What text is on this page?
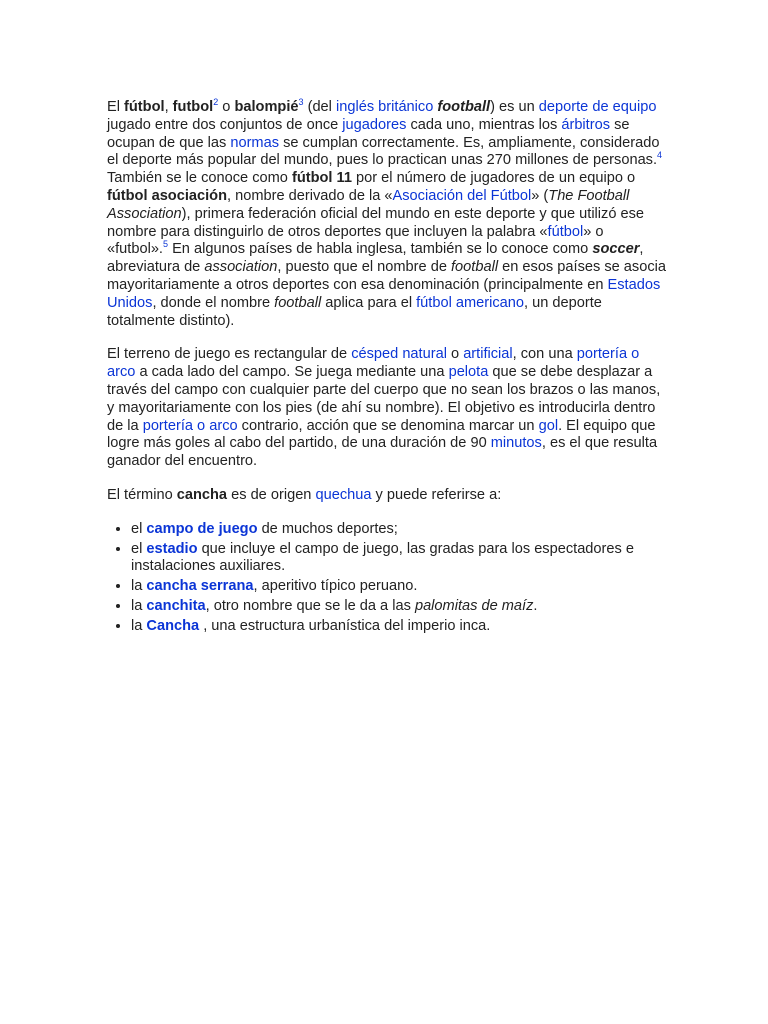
El fútbol, futbol$^2$ o balompié$^3$ (del inglés británico football) es un deporte de equipo jugado entre dos conjuntos de once jugadores cada uno, mientras los árbitros se ocupan de que las normas se cumplan correctamente. Es, ampliamente, considerado el deporte más popular del mundo, pues lo practican unas 270 millones de personas.$^4$ También se le conoce como fútbol 11 por el número de jugadores de un equipo o fútbol asociación, nombre derivado de la «Asociación del Fútbol» (The Football Association), primera federación oficial del mundo en este deporte y que utilizó ese nombre para distinguirlo de otros deportes que incluyen la palabra «fútbol» o «futbol».$^5$ En algunos países de habla inglesa, también se lo conoce como soccer, abreviatura de association, puesto que el nombre de football en esos países se asocia mayoritariamente a otros deportes con esa denominación (principalmente en Estados Unidos, donde el nombre football aplica para el fútbol americano, un deporte totalmente distinto).

El terreno de juego es rectangular de césped natural o artificial, con una portería o arco a cada lado del campo. Se juega mediante una pelota que se debe desplazar a través del campo con cualquier parte del cuerpo que no sean los brazos o las manos, y mayoritariamente con los pies (de ahí su nombre). El objetivo es introducirla dentro de la portería o arco contrario, acción que se denomina marcar un gol. El equipo que logre más goles al cabo del partido, de una duración de 90 minutos, es el que resulta ganador del encuentro.

El término cancha es de origen quechua y puede referirse a:

• el campo de juego de muchos deportes;
• el estadio que incluye el campo de juego, las gradas para los espectadores e instalaciones auxiliares.
• la cancha serrana, aperitivo típico peruano.
• la canchita, otro nombre que se le da a las palomitas de maíz.
• la Cancha , una estructura urbanística del imperio inca.
